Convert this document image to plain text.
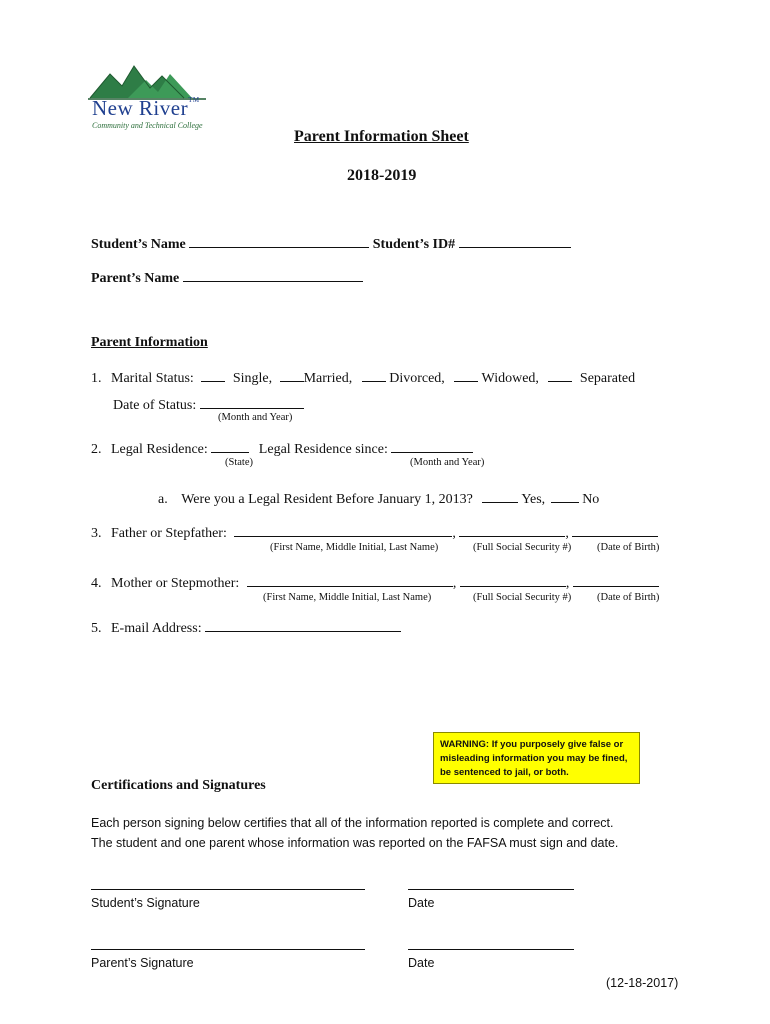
New River™
Community and Technical College
Parent Information Sheet
2018-2019
Student’s Name	Student’s ID#
Parent’s Name
Parent Information
1. Marital Status:	Single, Married,	Divorced,	Widowed,	Separated
Date of Status:
(Month and Year)
2. Legal Residence:	Legal Residence since:
(State)	(Month and Year)
a. Were you a Legal Resident Before January 1, 2013?	Yes,	No
3. Father or Stepfather:	,	,
(First Name, Middle Initial, Last Name)	(Full Social Security #) (Date of Birth)
4. Mother or Stepmother:	,	,
(First Name, Middle Initial, Last Name)	(Full Social Security #) (Date of Birth)
5. E-mail Address:
WARNING: If you purposely give false or misleading information you may be fined, be sentenced to jail, or both.
Certifications and Signatures
Each person signing below certifies that all of the information reported is complete and correct.
The student and one parent whose information was reported on the FAFSA must sign and date.
Student’s Signature	Date
Parent’s Signature	Date
(12-18-2017)
